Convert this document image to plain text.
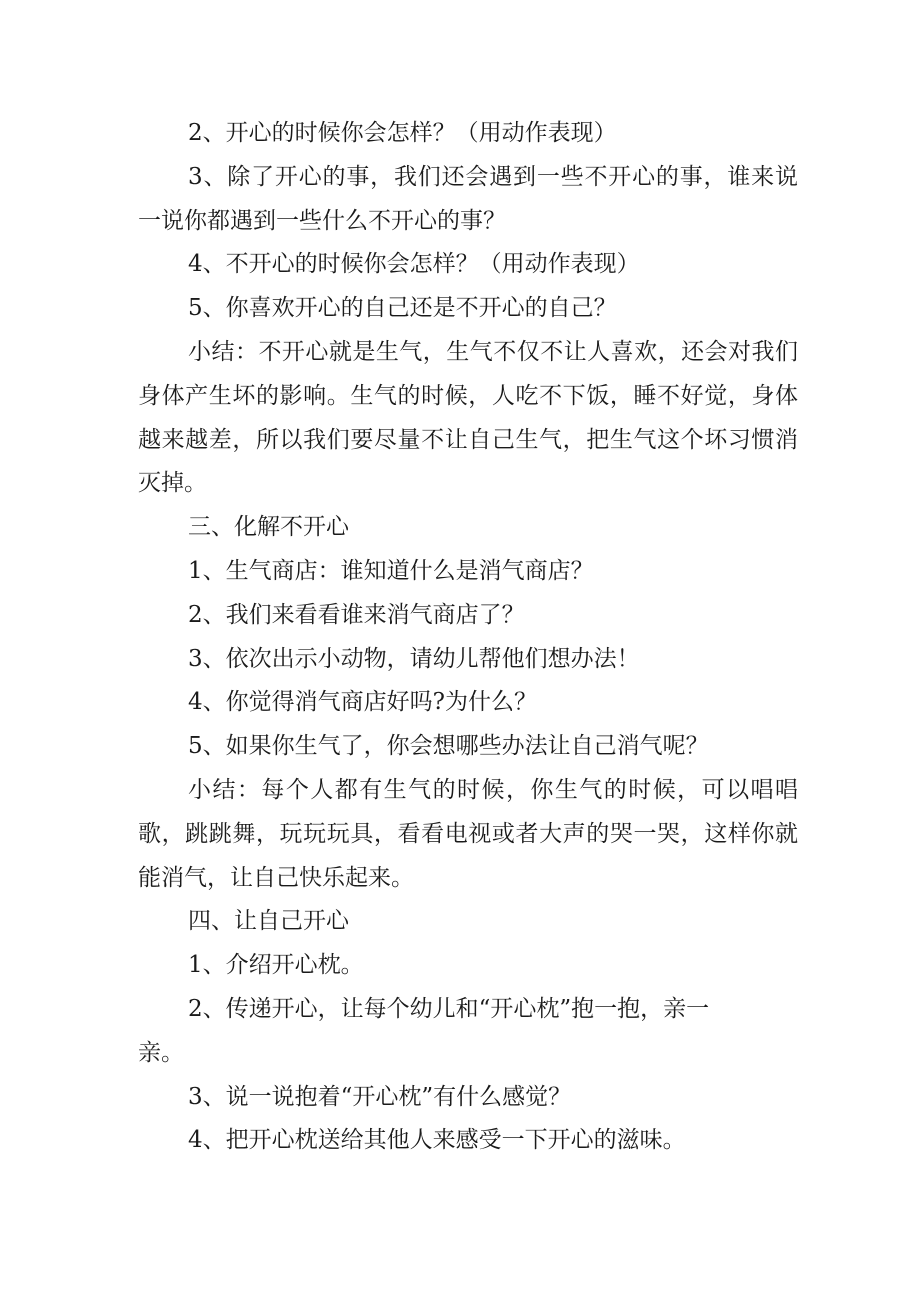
2、开心的时候你会怎样？（用动作表现）

3、除了开心的事，我们还会遇到一些不开心的事，谁来说一说你都遇到一些什么不开心的事？

4、不开心的时候你会怎样？（用动作表现）

5、你喜欢开心的自己还是不开心的自己？

小结：不开心就是生气，生气不仅不让人喜欢，还会对我们身体产生坏的影响。生气的时候，人吃不下饭，睡不好觉，身体越来越差，所以我们要尽量不让自己生气，把生气这个坏习惯消灭掉。

三、化解不开心

1、生气商店：谁知道什么是消气商店？

2、我们来看看谁来消气商店了？

3、依次出示小动物，请幼儿帮他们想办法！

4、你觉得消气商店好吗?为什么？

5、如果你生气了，你会想哪些办法让自己消气呢？

小结：每个人都有生气的时候，你生气的时候，可以唱唱歌，跳跳舞，玩玩玩具，看看电视或者大声的哭一哭，这样你就能消气，让自己快乐起来。

四、让自己开心

1、介绍开心枕。

2、传递开心，让每个幼儿和“开心枕”抱一抱，亲一亲。

3、说一说抱着“开心枕”有什么感觉？

4、把开心枕送给其他人来感受一下开心的滋味。
